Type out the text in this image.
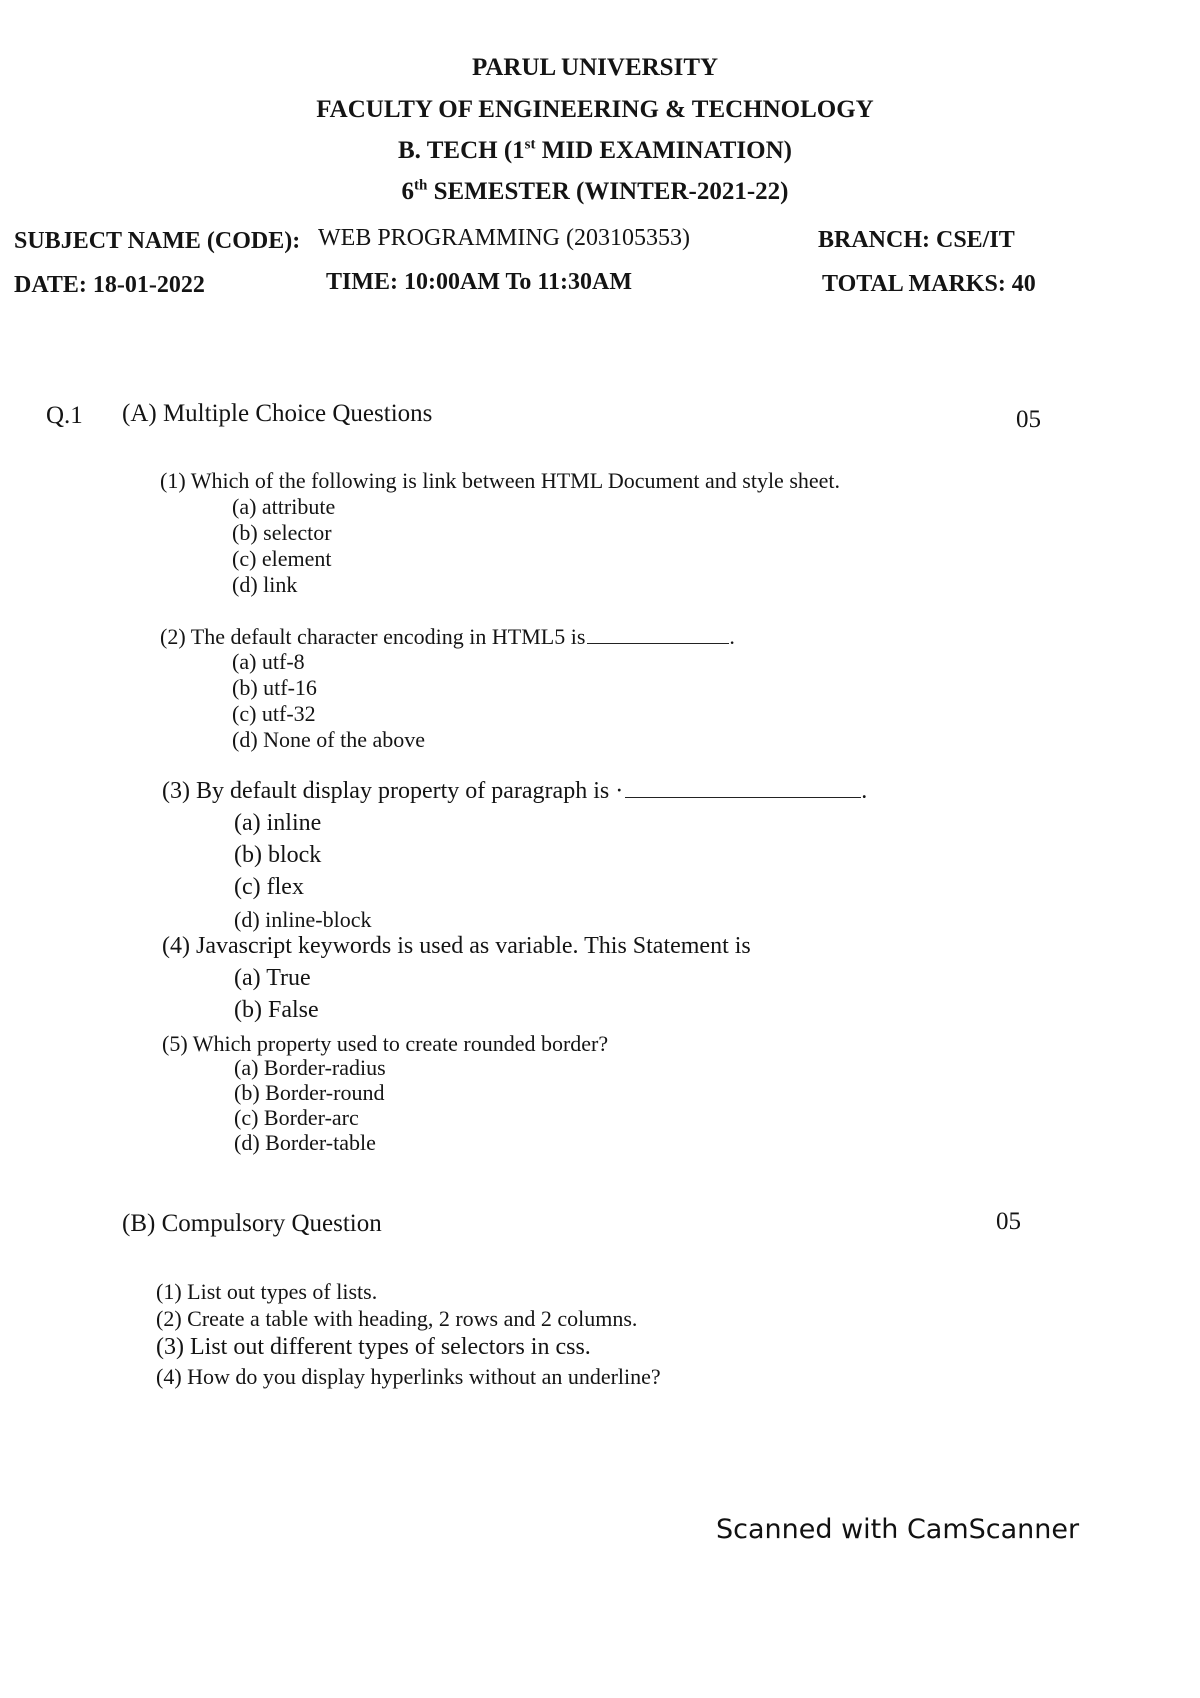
PARUL UNIVERSITY
FACULTY OF ENGINEERING & TECHNOLOGY
B. TECH (1st MID EXAMINATION)
6th SEMESTER (WINTER-2021-22)
SUBJECT NAME (CODE): WEB PROGRAMMING (203105353)	BRANCH: CSE/IT
DATE: 18-01-2022	TIME: 10:00AM To 11:30AM	TOTAL MARKS: 40
Q.1 (A) Multiple Choice Questions	05
(1) Which of the following is link between HTML Document and style sheet.
(a) attribute
(b) selector
(c) element
(d) link
(2) The default character encoding in HTML5 is	.
(a) utf-8
(b) utf-16
(c) utf-32
(d) None of the above
(3) By default display property of paragraph is ·	.
(a) inline
(b) block
(c) flex
(d) inline-block
(4) Javascript keywords is used as variable. This Statement is
(a) True
(b) False
(5) Which property used to create rounded border?
(a) Border-radius
(b) Border-round
(c) Border-arc
(d) Border-table
(B) Compulsory Question	05
(1) List out types of lists.
(2) Create a table with heading, 2 rows and 2 columns.
(3) List out different types of selectors in css.
(4) How do you display hyperlinks without an underline?
Scanned with CamScanner
